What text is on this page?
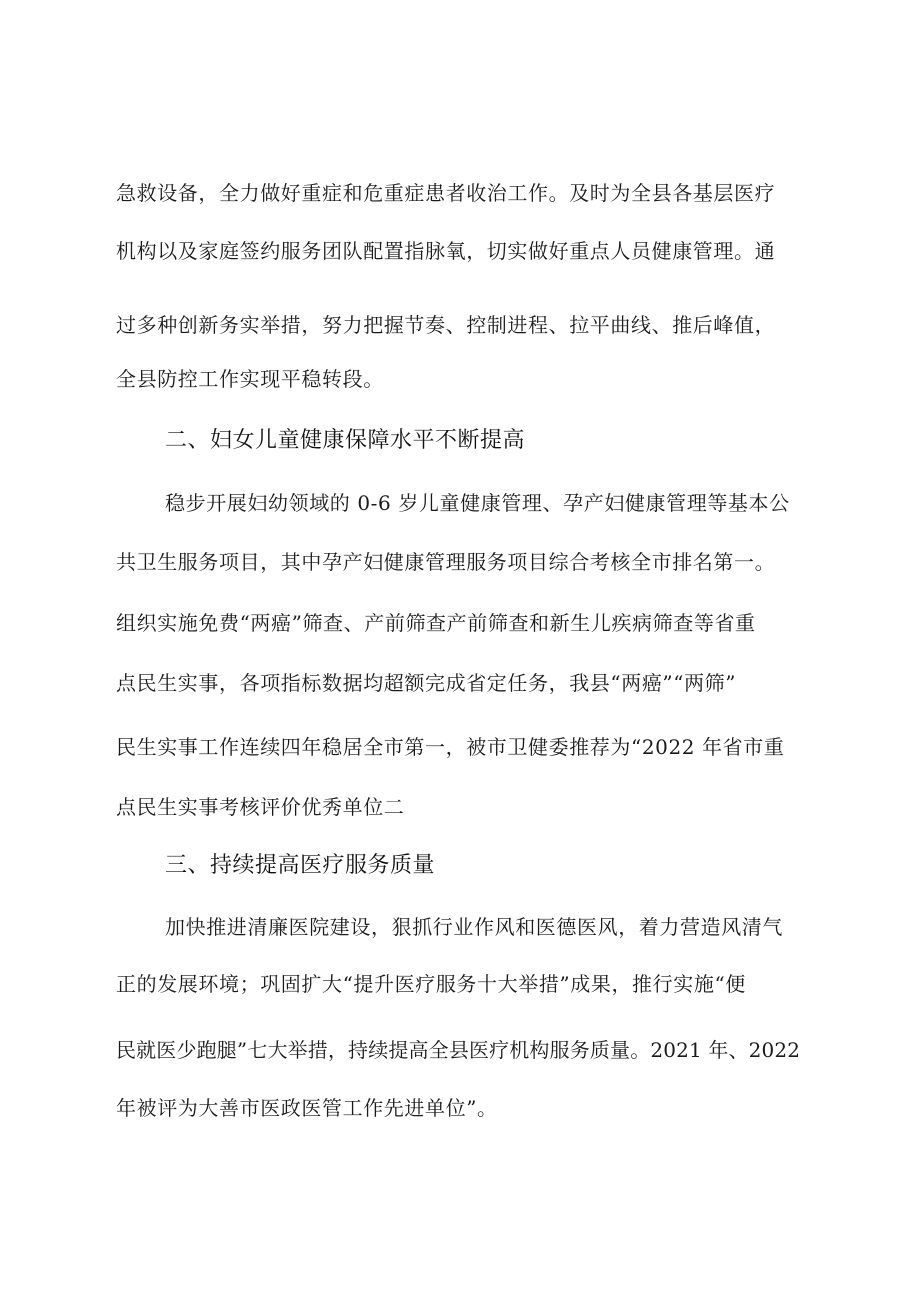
急救设备，全力做好重症和危重症患者收治工作。及时为全县各基层医疗
机构以及家庭签约服务团队配置指脉氧，切实做好重点人员健康管理。通
过多种创新务实举措，努力把握节奏、控制进程、拉平曲线、推后峰值，
全县防控工作实现平稳转段。
二、妇女儿童健康保障水平不断提高
稳步开展妇幼领域的 0-6 岁儿童健康管理、孕产妇健康管理等基本公
共卫生服务项目，其中孕产妇健康管理服务项目综合考核全市排名第一。
组织实施免费“两癌”筛查、产前筛查产前筛查和新生儿疾病筛查等省重
点民生实事，各项指标数据均超额完成省定任务，我县“两癌”“两筛”
民生实事工作连续四年稳居全市第一，被市卫健委推荐为“2022 年省市重
点民生实事考核评价优秀单位二
三、持续提高医疗服务质量
加快推进清廉医院建设，狠抓行业作风和医德医风，着力营造风清气
正的发展环境；巩固扩大“提升医疗服务十大举措”成果，推行实施“便
民就医少跑腿”七大举措，持续提高全县医疗机构服务质量。2021 年、2022
年被评为大善市医政医管工作先进单位”。
